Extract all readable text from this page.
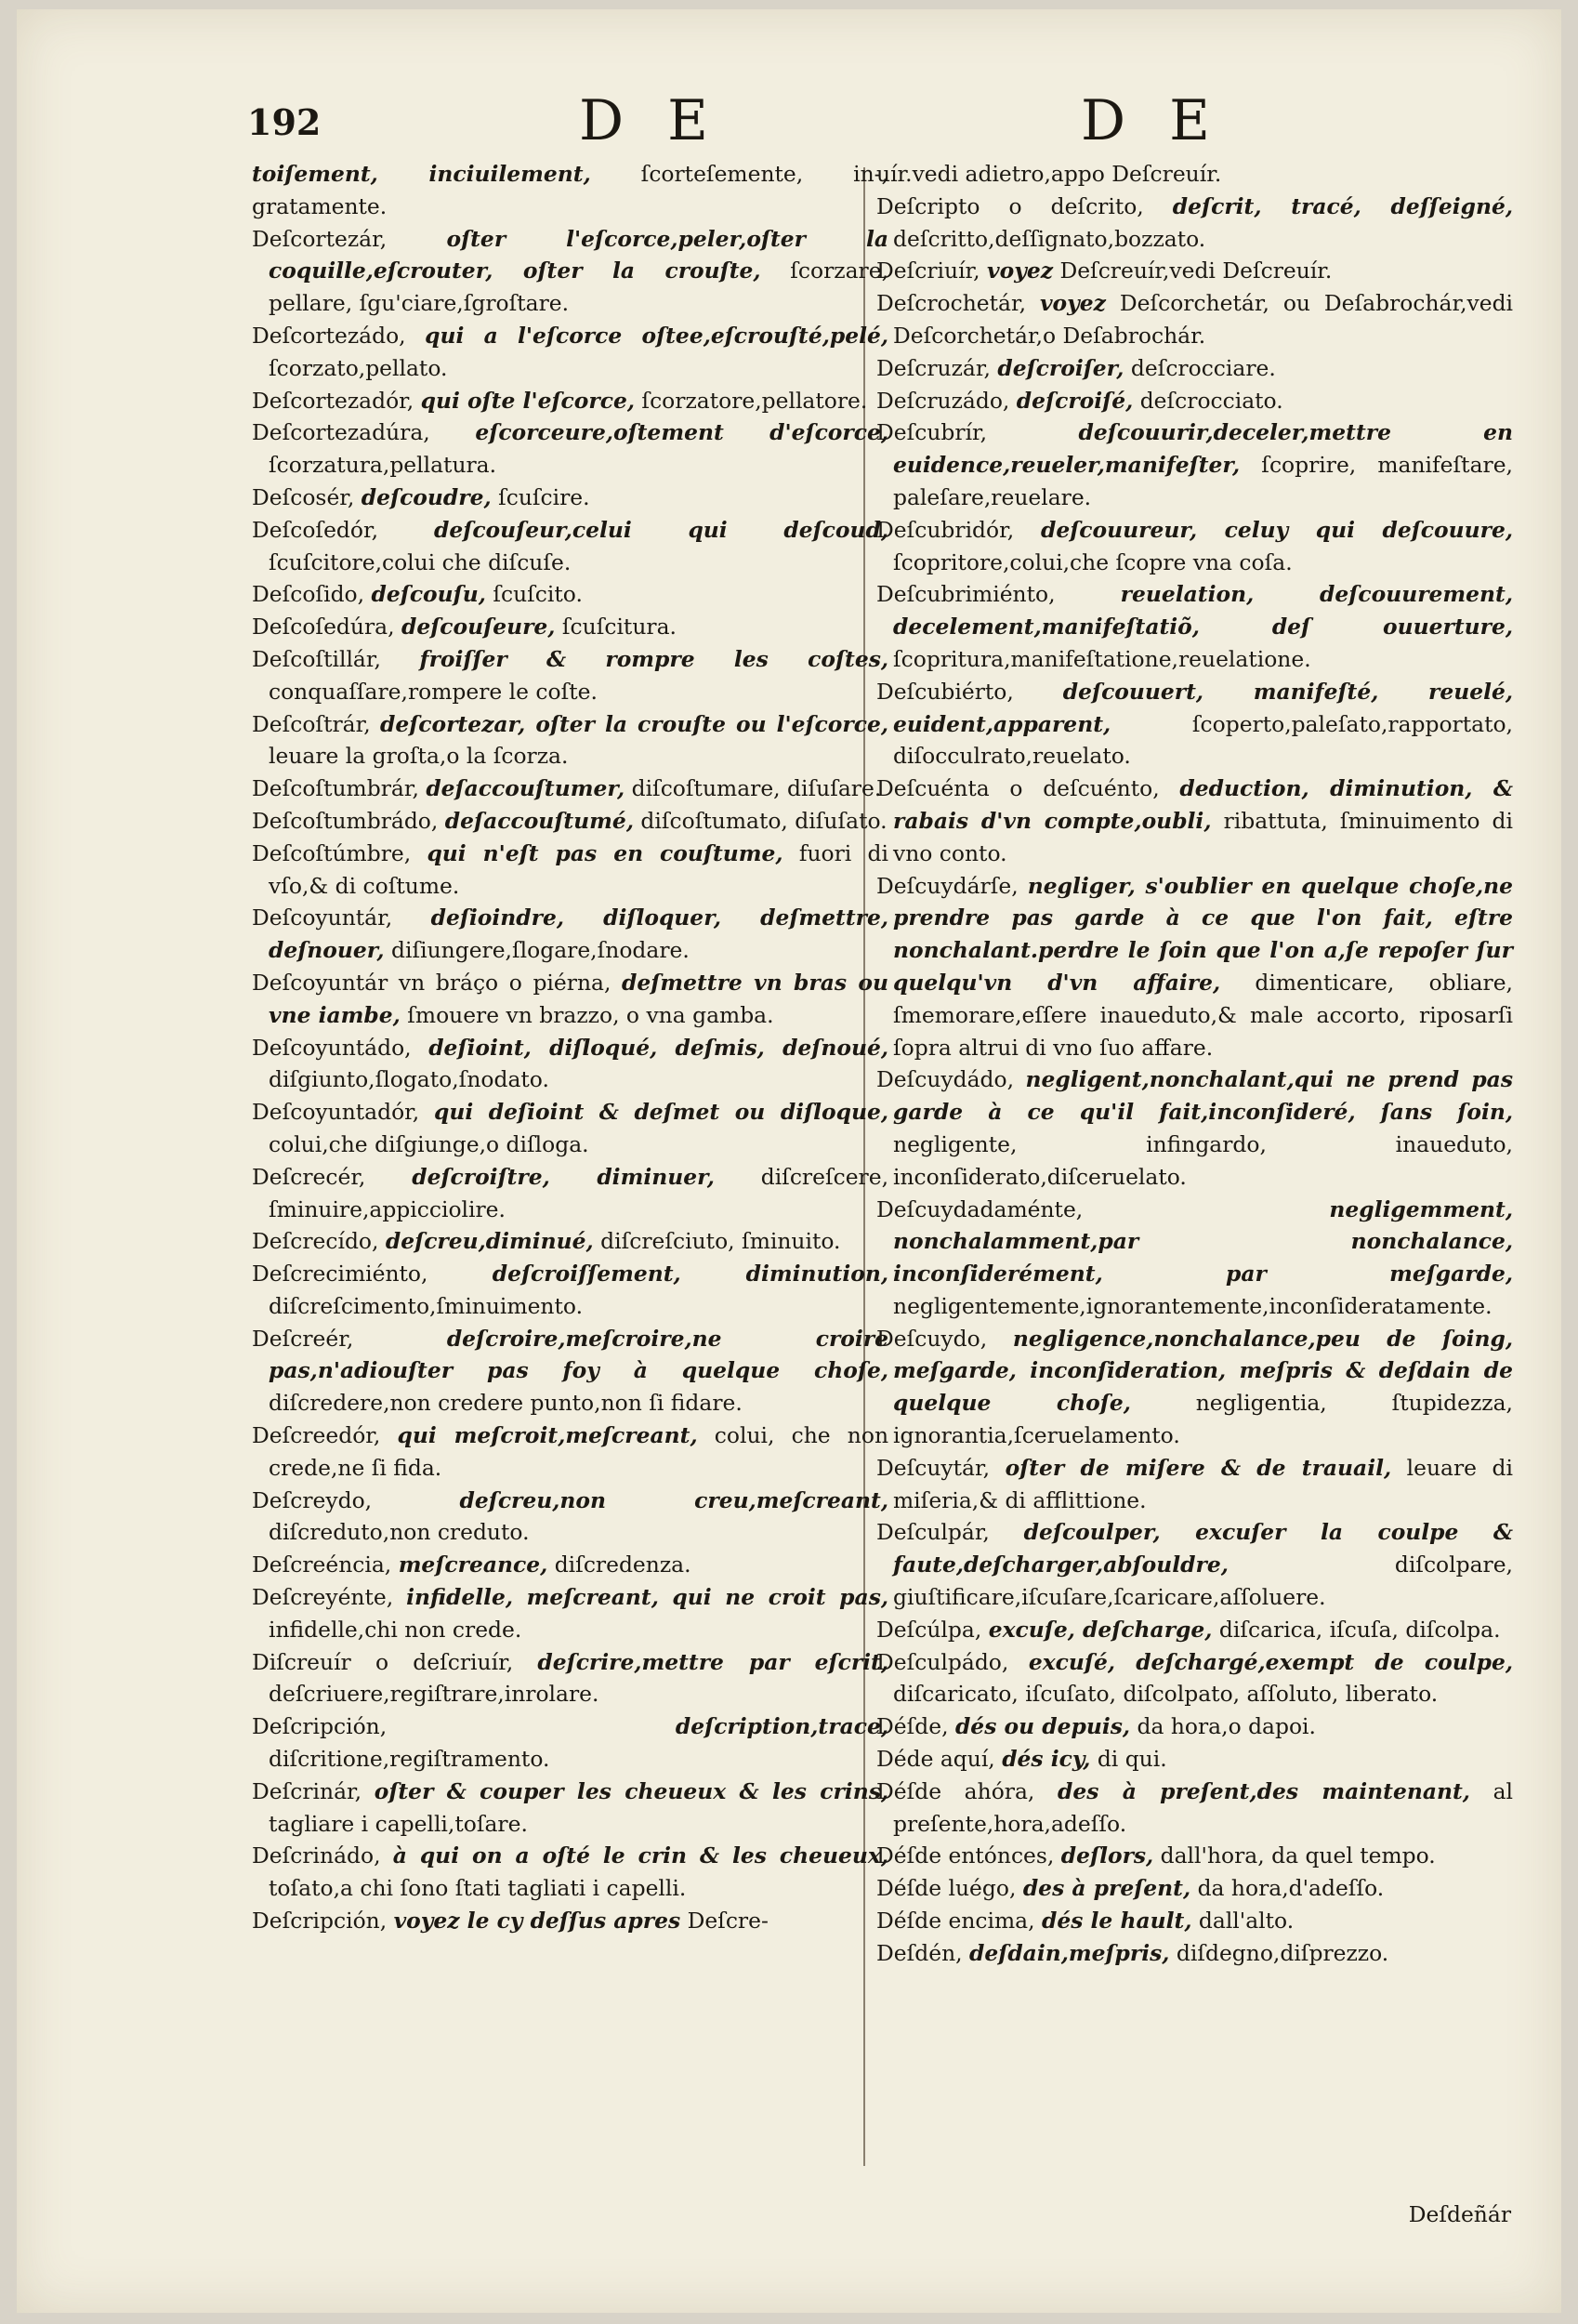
192	D E	D E

toiſement, inciuilement, ſcorteſemente, in-, gratamente.

Deſcortezár,	oſter l'eſcorce,peler,oſter la coquille,eſcrouter, oſter la crouſte, ſcorzare, pellare, ſgu'ciare,ſgroſtare.

Deſcortezádo, qui a l'eſcorce oſtee,eſcrouſté,pelé, ſcorzato,pellato.

Deſcortezadór, qui oſte l'eſcorce, ſcorzatore,pellatore.

Deſcortezadúra, eſcorceure,oſtement d'eſcorce, ſcorzatura,pellatura.

Deſcosér, deſcoudre, ſcuſcire.

Deſcoſedór,	deſcouſeur,celui qui deſcoud, ſcuſcitore,colui che diſcuſe.

Deſcoſido, deſcouſu, ſcuſcito.

Deſcoſedúra, deſcouſeure, ſcuſcitura.

Deſcoſtillár, froiſſer & rompre les coſtes, conquaſſare,rompere le coſte.

Deſcoſtrár, deſcortezar, oſter la crouſte ou l'eſcorce, leuare la groſta,o la ſcorza.

Deſcoſtumbrár, deſaccouſtumer, diſcoſtumare, diſuſare.

Deſcoſtumbrádo, deſaccouſtumé, diſcoſtumato, diſuſato.

Deſcoſtúmbre, qui n'eſt pas en couſtume, fuori di vſo,& di coſtume.

Deſcoyuntár, deſioindre, diſloquer, deſmettre, deſnouer, diſiungere,ſlogare,ſnodare.

Deſcoyuntár vn bráço o piérna, deſmettre vn bras ou vne iambe, ſmouere vn brazzo, o vna gamba.

Deſcoyuntádo, deſioint, diſloqué, deſmis, deſnoué, diſgiunto,ſlogato,ſnodato.

Deſcoyuntadór, qui deſioint & deſmet ou diſloque, colui,che diſgiunge,o diſloga.

Deſcrecér, deſcroiſtre, diminuer, diſcreſcere, ſminuire,appicciolire.

Deſcrecído, deſcreu,diminué, diſcreſciuto, ſminuito.

Deſcrecimiénto,	deſcroiſſement, diminution, diſcreſcimento,ſminuimento.

Deſcreér,	deſcroire,meſcroire,ne croire pas,n'adiouſter pas foy à quelque choſe, diſcredere,non credere punto,non ſi fidare.

Deſcreedór, qui meſcroit,meſcreant, colui, che non crede,ne ſi fida.

Deſcreydo,	deſcreu,non creu,meſcreant, diſcreduto,non creduto.

Deſcreéncia, meſcreance, diſcredenza.

Deſcreyénte, infidelle, meſcreant, qui ne croit pas, infidelle,chi non crede.

Diſcreuír o deſcriuír, deſcrire,mettre par eſcrit, deſcriuere,regiſtrare,inrolare.

Deſcripción,	deſcription,trace, diſcritione,regiſtramento.

Deſcrinár, oſter & couper les cheueux & les crins, tagliare i capelli,toſare.

Deſcrinádo, à qui on a oſté le crin & les cheueux, toſato,a chi ſono ſtati tagliati i capelli.

Deſcripción, voyez le cy deſſus apres Deſcre-

uír.vedi adietro,appo Deſcreuír.

Deſcripto o deſcrito, deſcrit, tracé, deſſeigné, deſcritto,deſſignato,bozzato.

Deſcriuír, voyez Deſcreuír,vedi Deſcreuír.

Deſcrochetár, voyez Deſcorchetár, ou Deſabrochár,vedi Deſcorchetár,o Deſabrochár.

Deſcruzár, deſcroiſer, deſcrocciare.

Deſcruzádo, deſcroiſé, deſcrocciato.

Deſcubrír,	deſcouurir,deceler,mettre en euidence,reueler,manifeſter, ſcoprire, manifeſtare, paleſare,reuelare.

Deſcubridór, deſcouureur, celuy qui deſcouure, ſcopritore,colui,che ſcopre vna coſa.

Deſcubrimiénto,	reuelation, deſcouurement, decelement,manifeſtatiõ, deſ ouuerture, ſcopritura,manifeſtatione,reuelatione.

Deſcubiérto, deſcouuert, manifeſté, reuelé, euident,apparent,	ſcoperto,paleſato,rapportato, diſocculrato,reuelato.

Deſcuénta o deſcuénto, deduction, diminution, & rabais d'vn compte,oubli, ribattuta, ſminuimento di vno conto.

Deſcuydárſe, negliger, s'oublier en quelque choſe,ne prendre pas garde à ce que l'on fait, eſtre nonchalant.perdre le ſoin que l'on a,ſe repoſer ſur quelqu'vn d'vn affaire, dimenticare, obliare, ſmemorare,eſſere inaueduto,& male accorto, riposarſi ſopra altrui di vno ſuo affare.

Deſcuydádo, negligent,nonchalant,qui ne prend pas garde à ce qu'il fait,inconſideré, ſans ſoin, negligente, infingardo, inaueduto, inconſiderato,diſceruelato.

Deſcuydadaménte,	negligemment, nonchalamment,par nonchalance, inconſiderément, par meſgarde, negligentemente,ignorantemente,inconſideratamente.

Deſcuydo, negligence,nonchalance,peu de ſoing, meſgarde, inconſideration, meſpris & deſdain de quelque choſe,	negligentia, ſtupidezza, ignorantia,ſceruelamento.

Deſcuytár, oſter de miſere & de trauail, leuare di miſeria,& di afflittione.

Deſculpár, deſcoulper, excuſer la coulpe & faute,deſcharger,abſouldre,	diſcolpare, giuſtificare,iſcuſare,ſcaricare,aſſoluere.

Deſcúlpa, excuſe, deſcharge, diſcarica, iſcuſa, diſcolpa.

Deſculpádo, excuſé, deſchargé,exempt de coulpe, diſcaricato, iſcuſato, diſcolpato, aſſoluto, liberato.

Déſde, dés ou depuis, da hora,o dapoi.

Déde aquí, dés icy, di qui.

Déſde ahóra, des à preſent,des maintenant, al preſente,hora,adeſſo.

Déſde entónces, deſlors, dall'hora, da quel tempo.

Déſde luégo, des à preſent, da hora,d'adeſſo.

Déſde encima, dés le hault, dall'alto.

Deſdén, deſdain,meſpris, diſdegno,diſprezzo.

Deſdeñár
